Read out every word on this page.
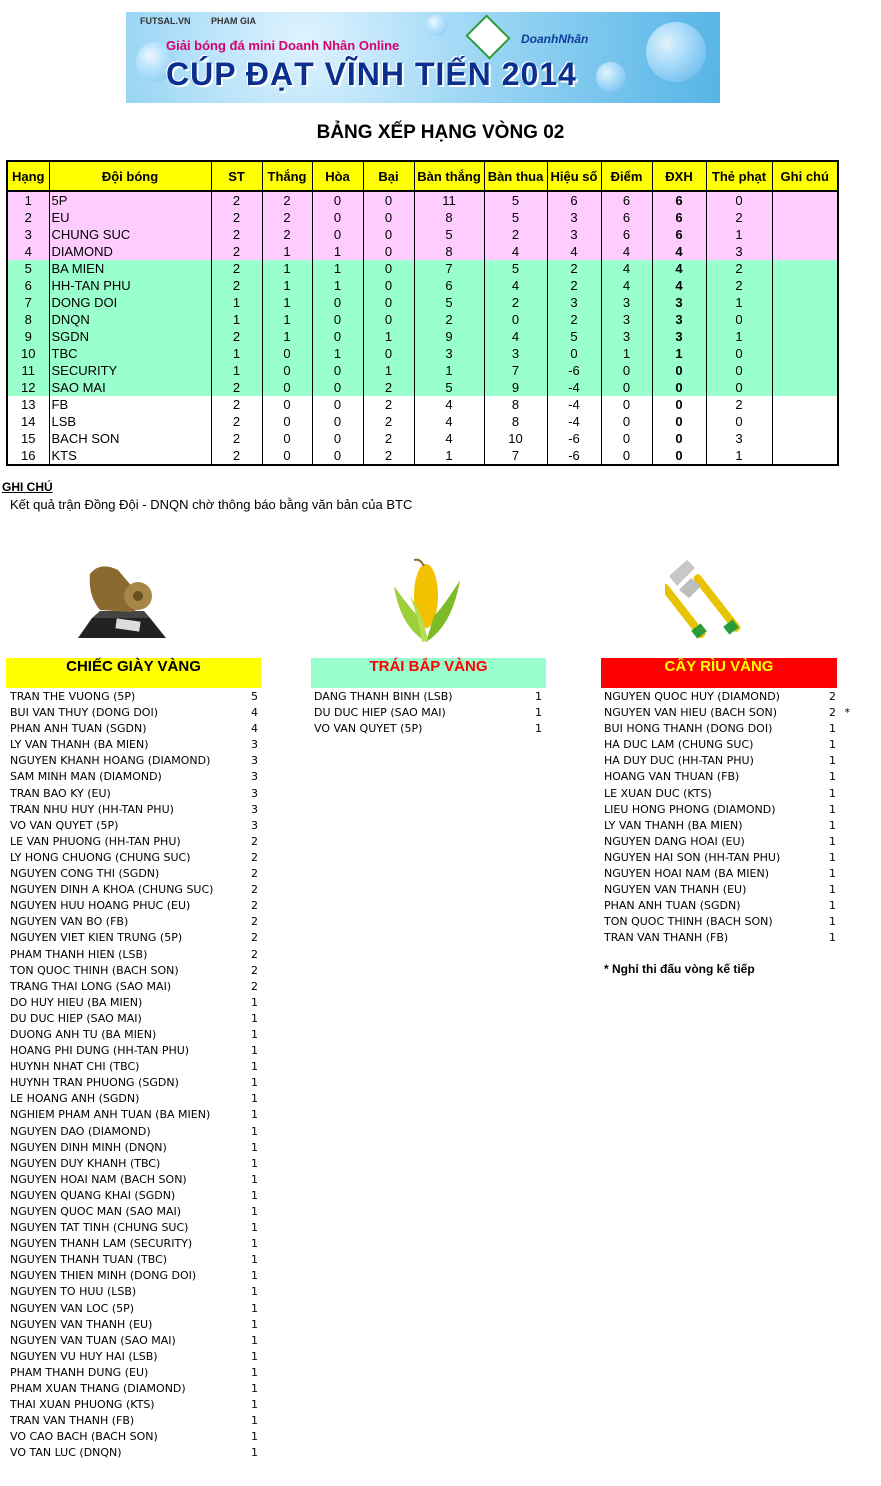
FUTSAL.VN PHAM GIA
DoanhNhân
Giải bóng đá mini Doanh Nhân Online
CÚP ĐẠT VĨNH TIẾN 2014
BẢNG XẾP HẠNG VÒNG 02
Hạng	Đội bóng	ST	Thắng	Hòa	Bại	Bàn thắng	Bàn thua	Hiệu số	Điểm	ĐXH	Thẻ phạt	Ghi chú
1	5P	2	2	0	0	11	5	6	6	6	0	
2	EU	2	2	0	0	8	5	3	6	6	2	
3	CHUNG SUC	2	2	0	0	5	2	3	6	6	1	
4	DIAMOND	2	1	1	0	8	4	4	4	4	3	
5	BA MIEN	2	1	1	0	7	5	2	4	4	2	
6	HH-TAN PHU	2	1	1	0	6	4	2	4	4	2	
7	DONG DOI	1	1	0	0	5	2	3	3	3	1	
8	DNQN	1	1	0	0	2	0	2	3	3	0	
9	SGDN	2	1	0	1	9	4	5	3	3	1	
10	TBC	1	0	1	0	3	3	0	1	1	0	
11	SECURITY	1	0	0	1	1	7	-6	0	0	0	
12	SAO MAI	2	0	0	2	5	9	-4	0	0	0	
13	FB	2	0	0	2	4	8	-4	0	0	2	
14	LSB	2	0	0	2	4	8	-4	0	0	0	
15	BACH SON	2	0	0	2	4	10	-6	0	0	3	
16	KTS	2	0	0	2	1	7	-6	0	0	1	
GHI CHÚ
Kết quả trận Đồng Đội - DNQN chờ thông báo bằng văn bản của BTC
CHIẾC GIÀY VÀNG	TRÁI BẮP VÀNG	CÂY RÌU VÀNG
TRAN THE VUONG (5P)	5
BUI VAN THUY (DONG DOI)	4
PHAN ANH TUAN (SGDN)	4
LY VAN THANH (BA MIEN)	3
NGUYEN KHANH HOANG (DIAMOND)	3
SAM MINH MAN (DIAMOND)	3
TRAN BAO KY (EU)	3
TRAN NHU HUY (HH-TAN PHU)	3
VO VAN QUYET (5P)	3
LE VAN PHUONG (HH-TAN PHU)	2
LY HONG CHUONG (CHUNG SUC)	2
NGUYEN CONG THI (SGDN)	2
NGUYEN DINH A KHOA (CHUNG SUC)	2
NGUYEN HUU HOANG PHUC (EU)	2
NGUYEN VAN BO (FB)	2
NGUYEN VIET KIEN TRUNG (5P)	2
PHAM THANH HIEN (LSB)	2
TON QUOC THINH (BACH SON)	2
TRANG THAI LONG (SAO MAI)	2
DO HUY HIEU (BA MIEN)	1
DU DUC HIEP (SAO MAI)	1
DUONG ANH TU (BA MIEN)	1
HOANG PHI DUNG (HH-TAN PHU)	1
HUYNH NHAT CHI (TBC)	1
HUYNH TRAN PHUONG (SGDN)	1
LE HOANG ANH (SGDN)	1
NGHIEM PHAM ANH TUAN (BA MIEN)	1
NGUYEN DAO (DIAMOND)	1
NGUYEN DINH MINH (DNQN)	1
NGUYEN DUY KHANH (TBC)	1
NGUYEN HOAI NAM (BACH SON)	1
NGUYEN QUANG KHAI (SGDN)	1
NGUYEN QUOC MAN (SAO MAI)	1
NGUYEN TAT TINH (CHUNG SUC)	1
NGUYEN THANH LAM (SECURITY)	1
NGUYEN THANH TUAN (TBC)	1
NGUYEN THIEN MINH (DONG DOI)	1
NGUYEN TO HUU (LSB)	1
NGUYEN VAN LOC (5P)	1
NGUYEN VAN THANH (EU)	1
NGUYEN VAN TUAN (SAO MAI)	1
NGUYEN VU HUY HAI (LSB)	1
PHAM THANH DUNG (EU)	1
PHAM XUAN THANG (DIAMOND)	1
THAI XUAN PHUONG (KTS)	1
TRAN VAN THANH (FB)	1
VO CAO BACH (BACH SON)	1
VO TAN LUC (DNQN)	1
DANG THANH BINH (LSB)	1
DU DUC HIEP (SAO MAI)	1
VO VAN QUYET (5P)	1
NGUYEN QUOC HUY (DIAMOND)	2
NGUYEN VAN HIEU (BACH SON)	2 *
BUI HONG THANH (DONG DOI)	1
HA DUC LAM (CHUNG SUC)	1
HA DUY DUC (HH-TAN PHU)	1
HOANG VAN THUAN (FB)	1
LE XUAN DUC (KTS)	1
LIEU HONG PHONG (DIAMOND)	1
LY VAN THANH (BA MIEN)	1
NGUYEN DANG HOAI (EU)	1
NGUYEN HAI SON (HH-TAN PHU)	1
NGUYEN HOAI NAM (BA MIEN)	1
NGUYEN VAN THANH (EU)	1
PHAN ANH TUAN (SGDN)	1
TON QUOC THINH (BACH SON)	1
TRAN VAN THANH (FB)	1
* Nghỉ thi đấu vòng kế tiếp
